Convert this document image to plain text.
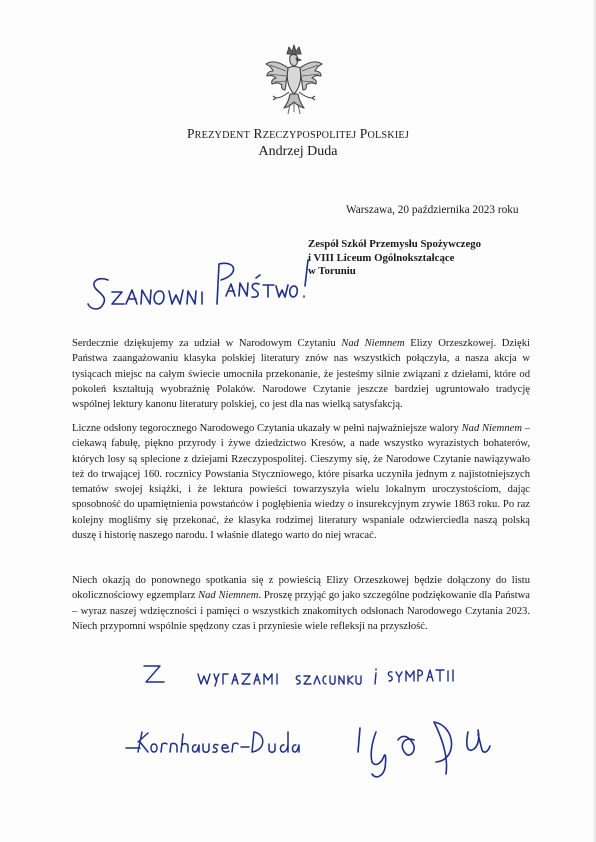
PREZYDENT RZECZYPOSPOLITEJ POLSKIEJ
Andrzej Duda
Warszawa, 20 października 2023 roku
Zespół Szkół Przemysłu Spożywczego
i VIII Liceum Ogólnokształcące
w Toruniu

Serdecznie dziękujemy za udział w Narodowym Czytaniu Nad Niemnem Elizy Orzeszkowej. Dzięki Państwa zaangażowaniu klasyka polskiej literatury znów nas wszystkich połączyła, a nasza akcja w tysiącach miejsc na całym świecie umocniła przekonanie, że jesteśmy silnie związani z dziełami, które od pokoleń kształtują wyobraźnię Polaków. Narodowe Czytanie jeszcze bardziej ugruntowało tradycję wspólnej lektury kanonu literatury polskiej, co jest dla nas wielką satysfakcją.

Liczne odsłony tegorocznego Narodowego Czytania ukazały w pełni najważniejsze walory Nad Niemnem – ciekawą fabułę, piękno przyrody i żywe dziedzictwo Kresów, a nade wszystko wyrazistych bohaterów, których losy są splecione z dziejami Rzeczypospolitej. Cieszymy się, że Narodowe Czytanie nawiązywało też do trwającej 160. rocznicy Powstania Styczniowego, które pisarka uczyniła jednym z najistotniejszych tematów swojej książki, i że lektura powieści towarzyszyła wielu lokalnym uroczystościom, dając sposobność do upamiętnienia powstańców i pogłębienia wiedzy o insurekcyjnym zrywie 1863 roku. Po raz kolejny mogliśmy się przekonać, że klasyka rodzimej literatury wspaniale odzwierciedla naszą polską duszę i historię naszego narodu. I właśnie dlatego warto do niej wracać.

Niech okazją do ponownego spotkania się z powieścią Elizy Orzeszkowej będzie dołączony do listu okolicznościowy egzemplarz Nad Niemnem. Proszę przyjąć go jako szczególne podziękowanie dla Państwa – wyraz naszej wdzięczności i pamięci o wszystkich znakomitych odsłonach Narodowego Czytania 2023. Niech przypomni wspólnie spędzony czas i przyniesie wiele refleksji na przyszłość.
